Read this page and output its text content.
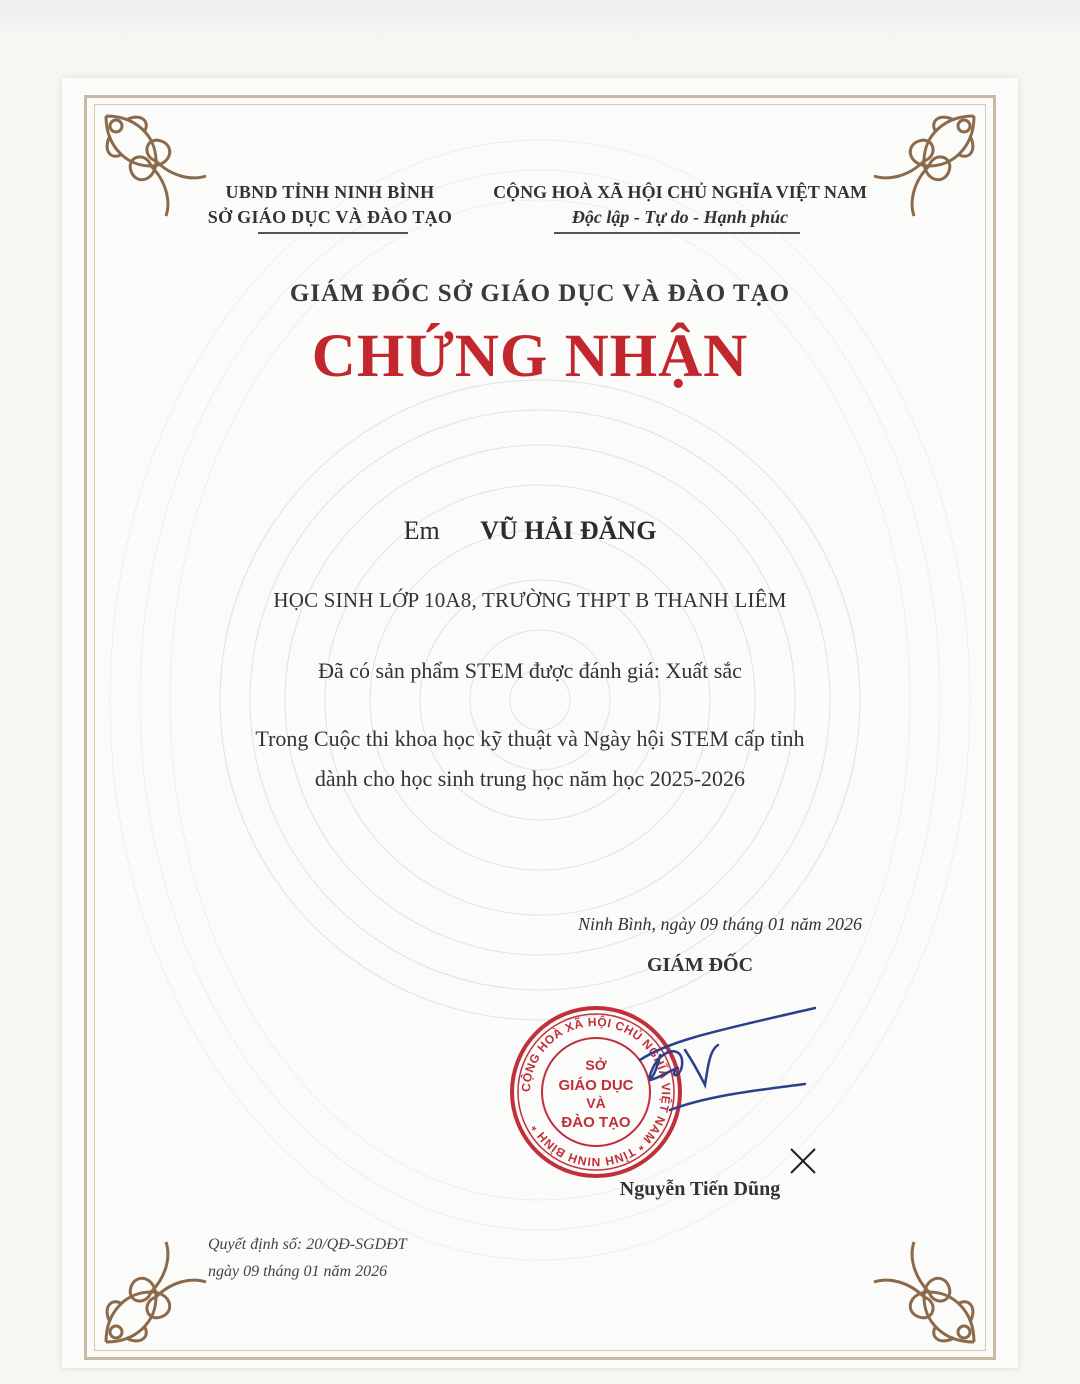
UBND TỈNH NINH BÌNH
SỞ GIÁO DỤC VÀ ĐÀO TẠO
CỘNG HOÀ XÃ HỘI CHỦ NGHĨA VIỆT NAM
Độc lập - Tự do - Hạnh phúc
GIÁM ĐỐC SỞ GIÁO DỤC VÀ ĐÀO TẠO
CHỨNG NHẬN
Em VŨ HẢI ĐĂNG
HỌC SINH LỚP 10A8, TRƯỜNG THPT B THANH LIÊM
Đã có sản phẩm STEM được đánh giá: Xuất sắc
Trong Cuộc thi khoa học kỹ thuật và Ngày hội STEM cấp tỉnh
dành cho học sinh trung học năm học 2025-2026
Ninh Bình, ngày 09 tháng 01 năm 2026
GIÁM ĐỐC
CỘNG HOÀ XÃ HỘI CHỦ NGHĨA VIỆT NAM * TỈNH NINH BÌNH *
SỞ
GIÁO DỤC
VÀ
ĐÀO TẠO
Nguyễn Tiến Dũng
Quyết định số: 20/QĐ-SGDĐT
ngày 09 tháng 01 năm 2026
